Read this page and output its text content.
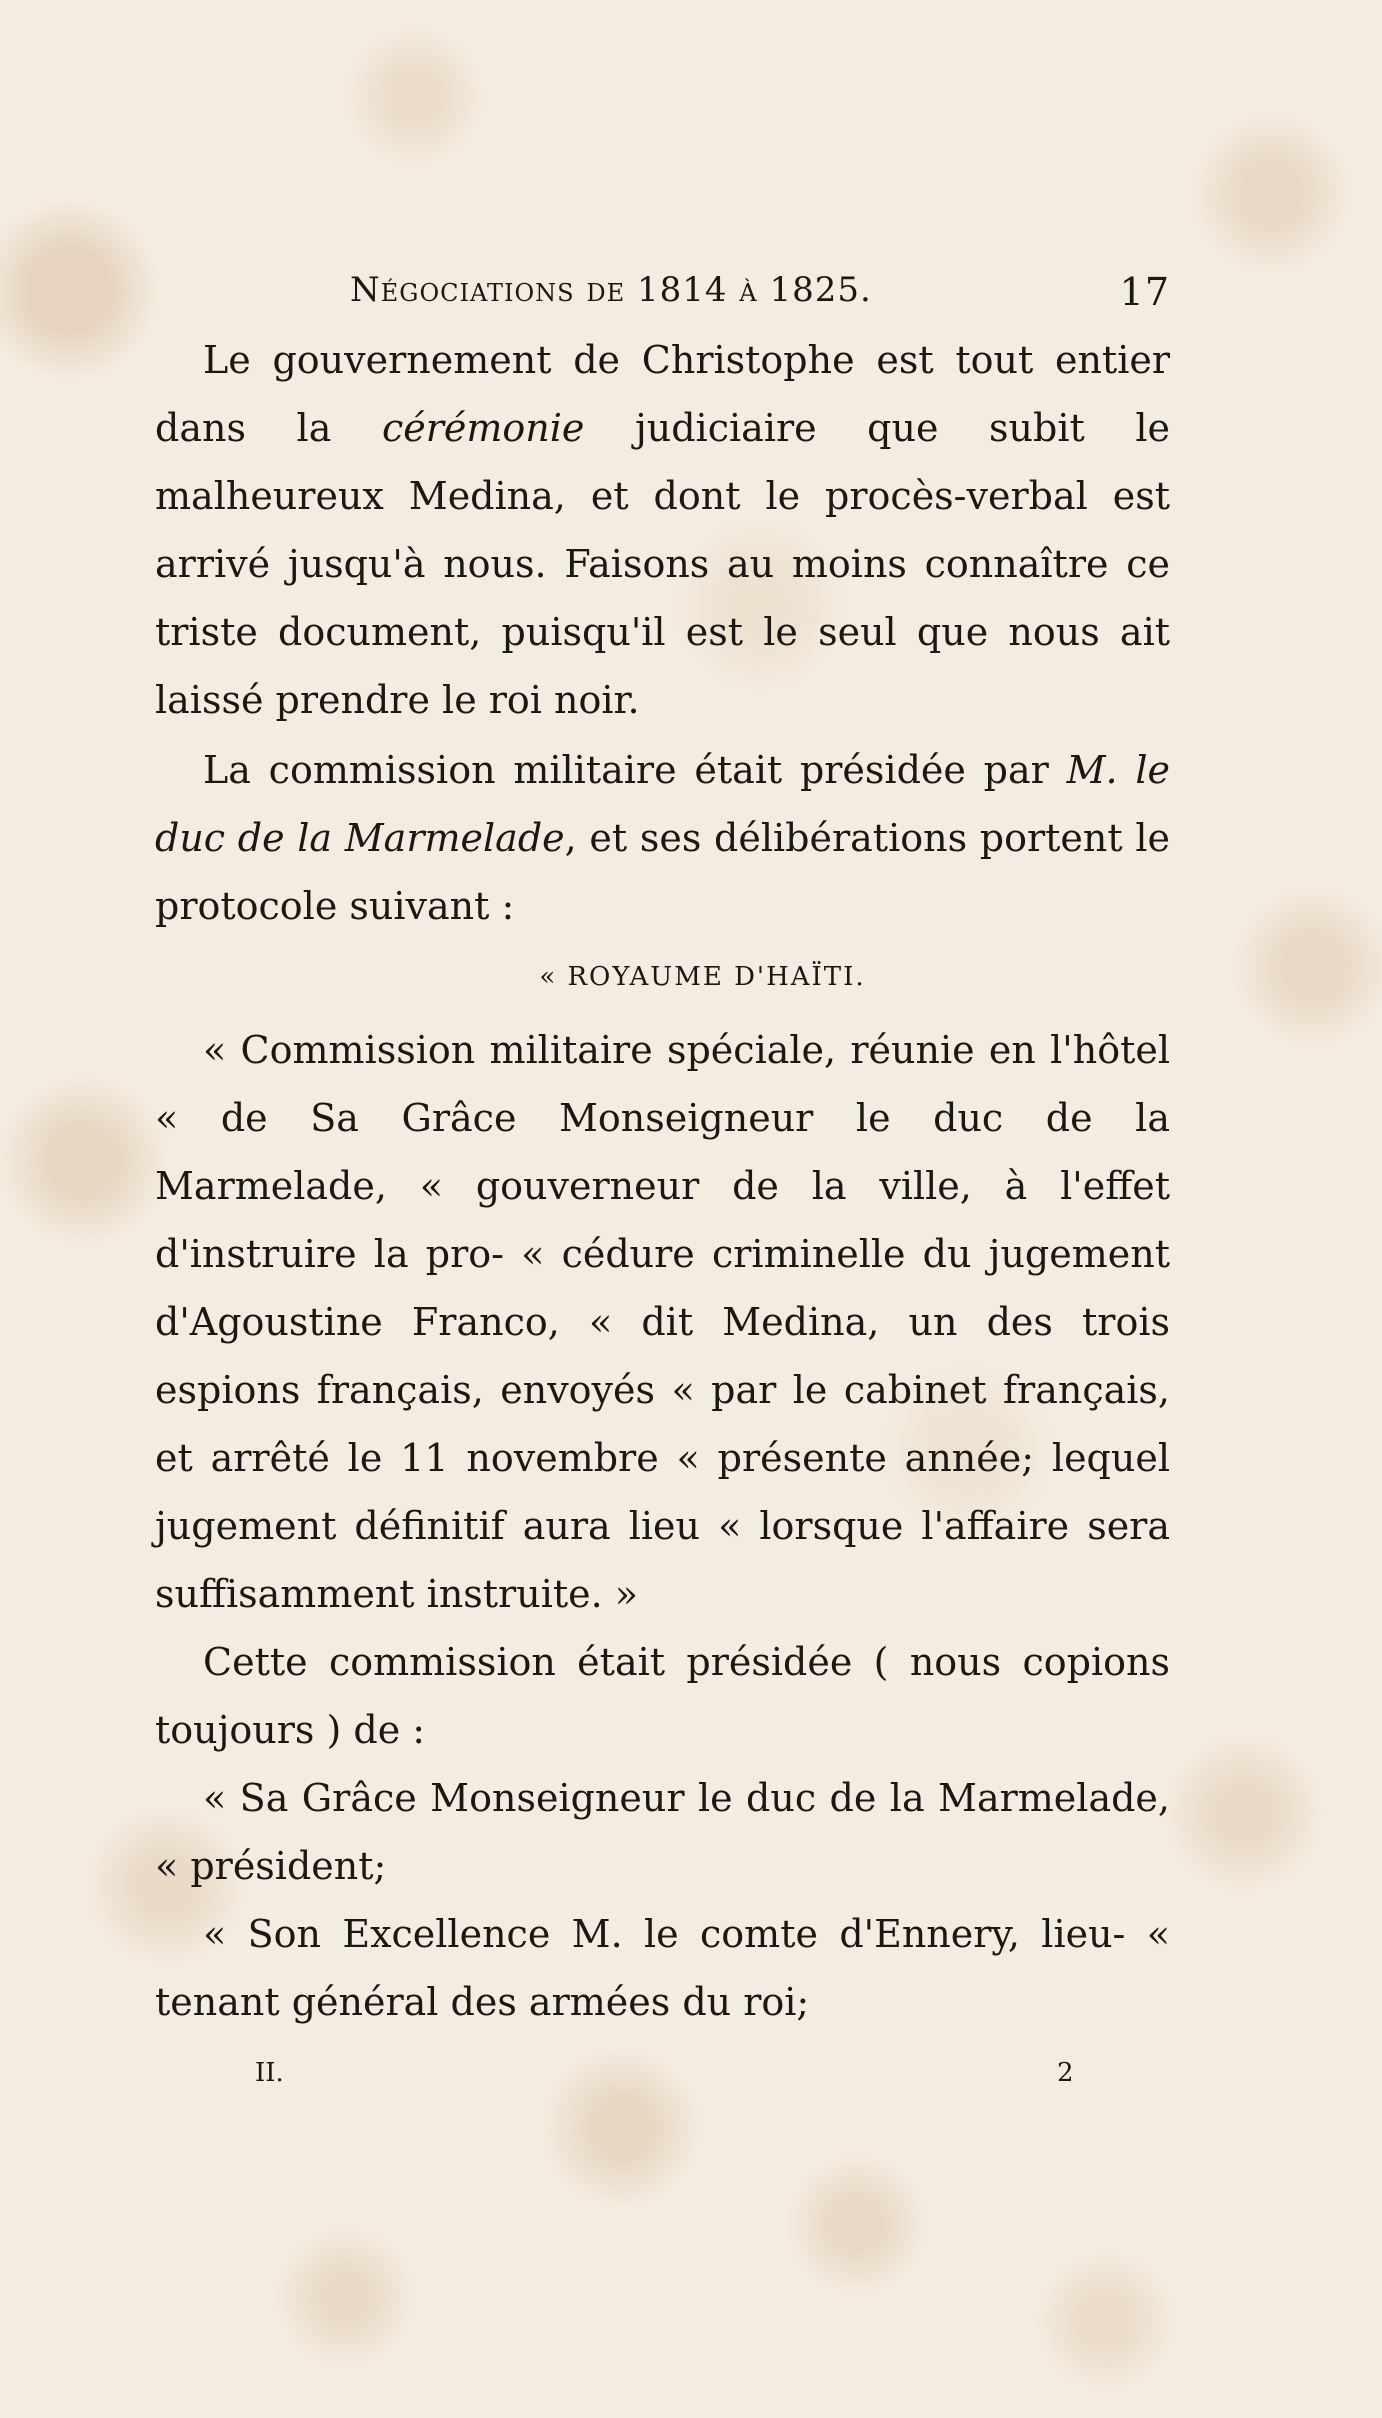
Négociations de 1814 à 1825.	17

Le gouvernement de Christophe est tout entier dans la cérémonie judiciaire que subit le malheureux Medina, et dont le procès-verbal est arrivé jusqu'à nous. Faisons au moins connaître ce triste document, puisqu'il est le seul que nous ait laissé prendre le roi noir.

La commission militaire était présidée par M. le duc de la Marmelade, et ses délibérations portent le protocole suivant :

« ROYAUME D'HAÏTI.

« Commission militaire spéciale, réunie en l'hôtel « de Sa Grâce Monseigneur le duc de la Marmelade, « gouverneur de la ville, à l'effet d'instruire la pro- « cédure criminelle du jugement d'Agoustine Franco, « dit Medina, un des trois espions français, envoyés « par le cabinet français, et arrêté le 11 novembre « présente année; lequel jugement définitif aura lieu « lorsque l'affaire sera suffisamment instruite. »

Cette commission était présidée ( nous copions toujours ) de :

« Sa Grâce Monseigneur le duc de la Marmelade, « président;

« Son Excellence M. le comte d'Ennery, lieu- « tenant général des armées du roi;

II.	2
